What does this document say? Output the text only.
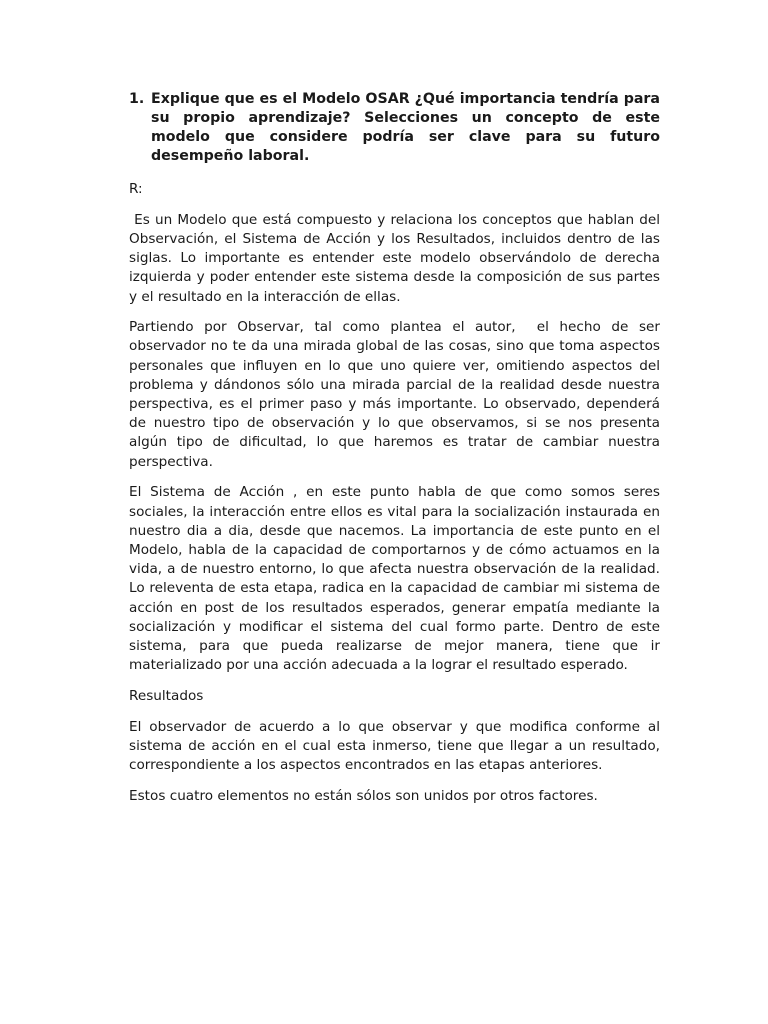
1. Explique que es el Modelo OSAR ¿Qué importancia tendría para su propio aprendizaje? Selecciones un concepto de este modelo que considere podría ser clave para su futuro desempeño laboral.

R:

Es un Modelo que está compuesto y relaciona los conceptos que hablan del Observación, el Sistema de Acción y los Resultados, incluidos dentro de las siglas. Lo importante es entender este modelo observándolo de derecha izquierda y poder entender este sistema desde la composición de sus partes y el resultado en la interacción de ellas.

Partiendo por Observar, tal como plantea el autor,  el hecho de ser observador no te da una mirada global de las cosas, sino que toma aspectos personales que influyen en lo que uno quiere ver, omitiendo aspectos del problema y dándonos sólo una mirada parcial de la realidad desde nuestra perspectiva, es el primer paso y más importante. Lo observado, dependerá de nuestro tipo de observación y lo que observamos, si se nos presenta algún tipo de dificultad, lo que haremos es tratar de cambiar nuestra perspectiva.

El Sistema de Acción , en este punto habla de que como somos seres sociales, la interacción entre ellos es vital para la socialización instaurada en nuestro dia a dia, desde que nacemos. La importancia de este punto en el Modelo, habla de la capacidad de comportarnos y de cómo actuamos en la vida, a de nuestro entorno, lo que afecta nuestra observación de la realidad. Lo releventa de esta etapa, radica en la capacidad de cambiar mi sistema de acción en post de los resultados esperados, generar empatía mediante la socialización y modificar el sistema del cual formo parte. Dentro de este sistema, para que pueda realizarse de mejor manera, tiene que ir materializado por una acción adecuada a la lograr el resultado esperado.

Resultados

El observador de acuerdo a lo que observar y que modifica conforme al sistema de acción en el cual esta inmerso, tiene que llegar a un resultado, correspondiente a los aspectos encontrados en las etapas anteriores.

Estos cuatro elementos no están sólos son unidos por otros factores.
